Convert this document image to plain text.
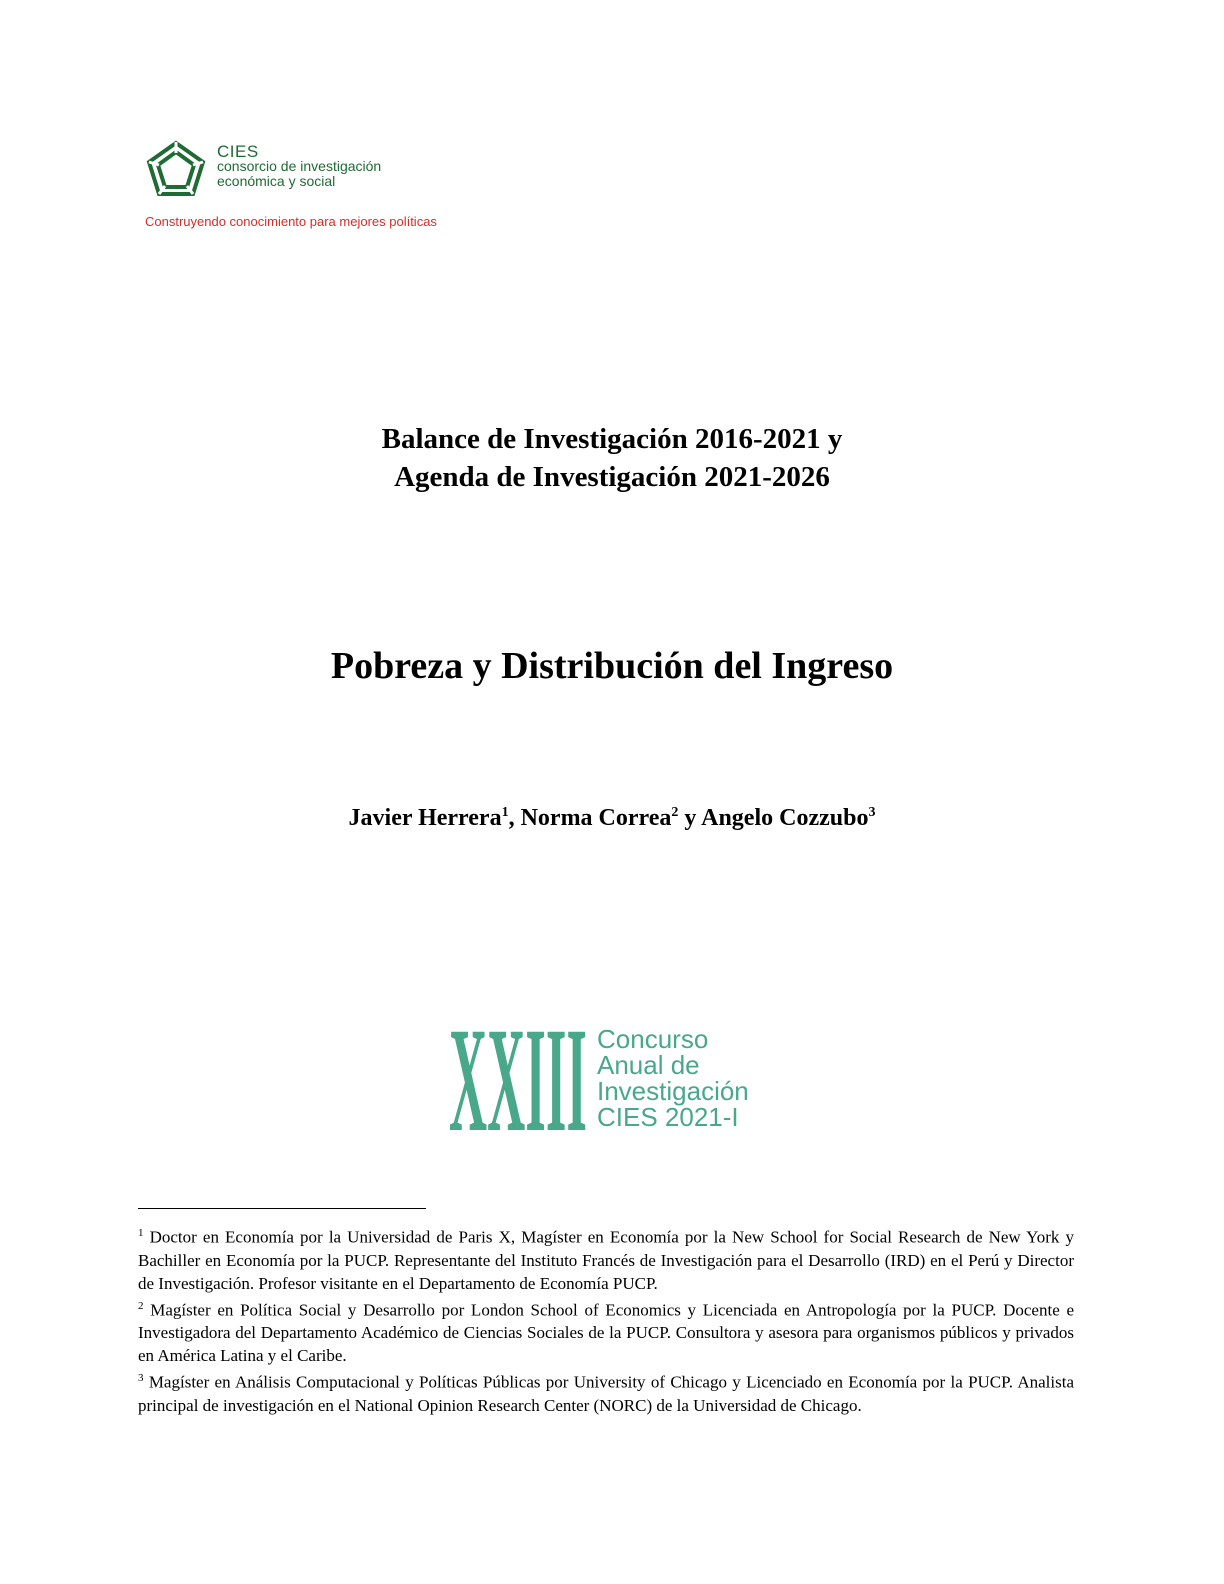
CIES
consorcio de investigación
económica y social
Construyendo conocimiento para mejores políticas
Balance de Investigación 2016-2021 y
Agenda de Investigación 2021-2026
Pobreza y Distribución del Ingreso
Javier Herrera$^1$, Norma Correa$^2$ y Angelo Cozzubo$^3$
XXIII Concurso
Anual de
Investigación
CIES 2021-I

$^1$ Doctor en Economía por la Universidad de Paris X, Magíster en Economía por la New School for Social Research de New York y Bachiller en Economía por la PUCP. Representante del Instituto Francés de Investigación para el Desarrollo (IRD) en el Perú y Director de Investigación. Profesor visitante en el Departamento de Economía PUCP.

$^2$ Magíster en Política Social y Desarrollo por London School of Economics y Licenciada en Antropología por la PUCP. Docente e Investigadora del Departamento Académico de Ciencias Sociales de la PUCP. Consultora y asesora para organismos públicos y privados en América Latina y el Caribe.

$^3$ Magíster en Análisis Computacional y Políticas Públicas por University of Chicago y Licenciado en Economía por la PUCP. Analista principal de investigación en el National Opinion Research Center (NORC) de la Universidad de Chicago.
